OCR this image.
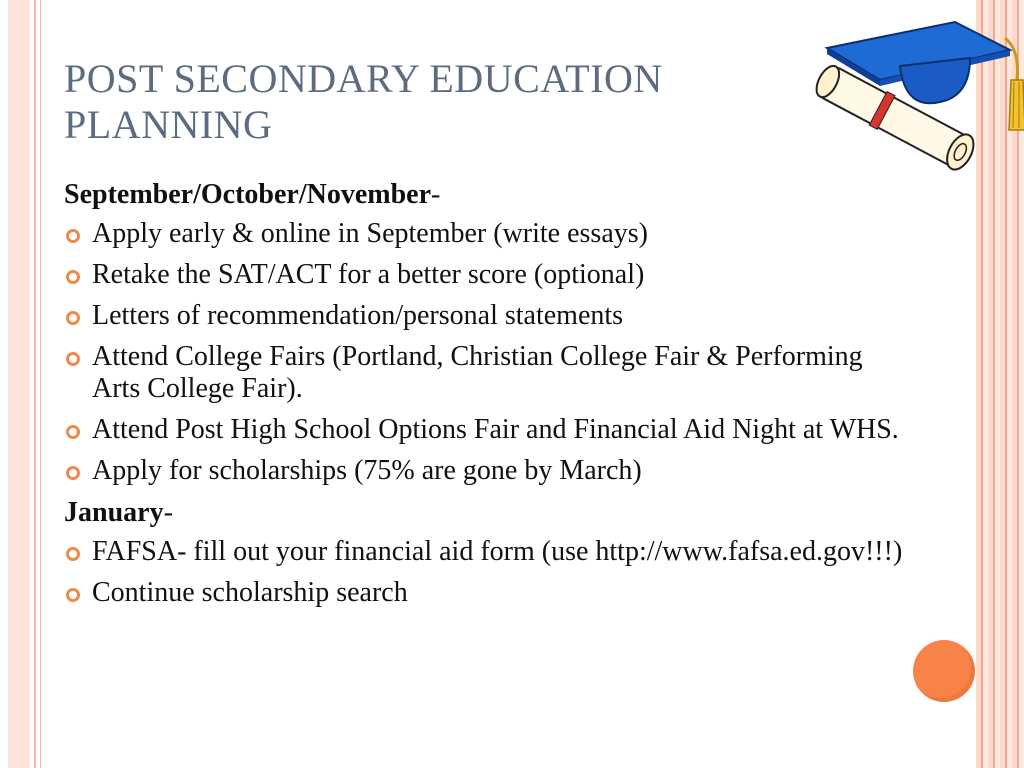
POST SECONDARY EDUCATION PLANNING
September/October/November-
Apply early & online in September (write essays)
Retake the SAT/ACT for a better score (optional)
Letters of recommendation/personal statements
Attend College Fairs (Portland, Christian College Fair & Performing Arts College Fair).
Attend Post High School Options Fair and Financial Aid Night at WHS.
Apply for scholarships (75% are gone by March)
January-
FAFSA- fill out your financial aid form (use http://www.fafsa.ed.gov!!!)
Continue scholarship search
